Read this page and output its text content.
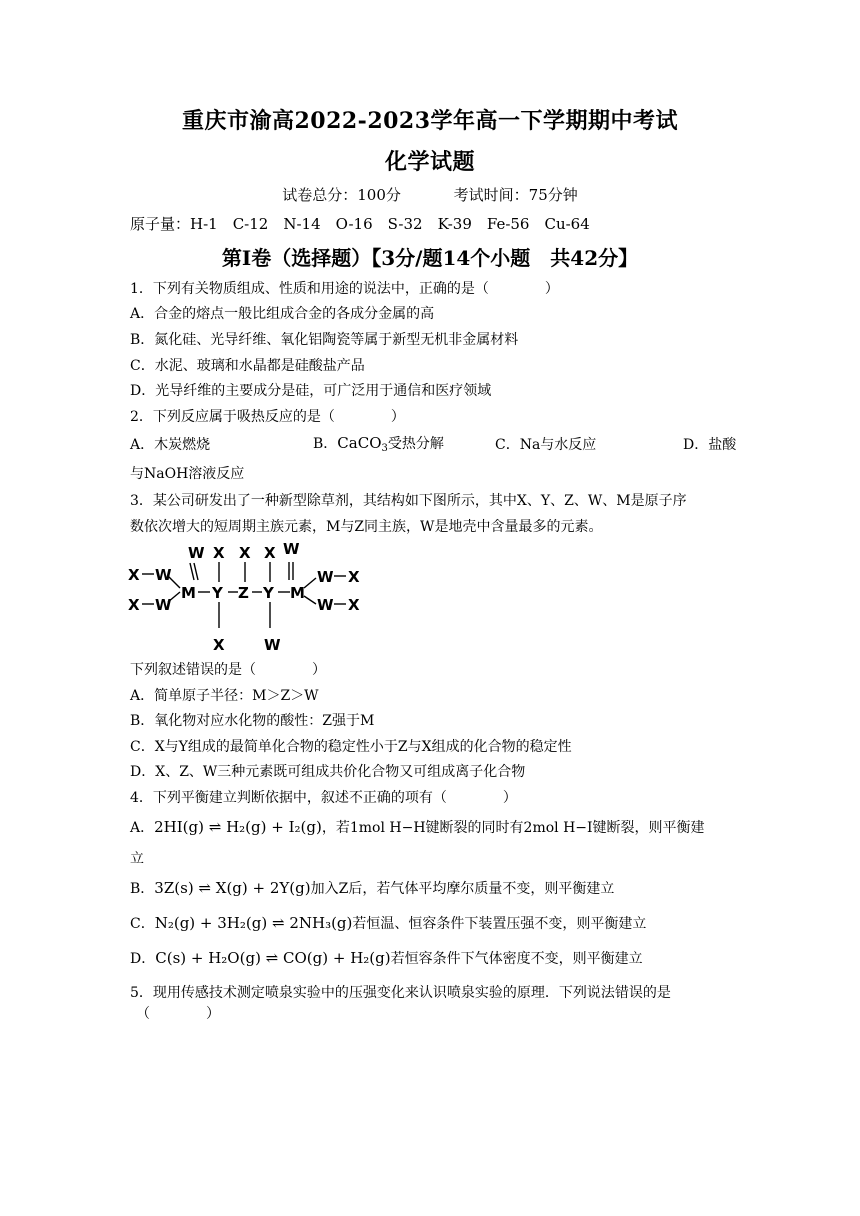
重庆市渝高2022-2023学年高一下学期期中考试
化学试题
试卷总分：100分	考试时间：75分钟
原子量：H-1　C-12　N-14　O-16　S-32　K-39　Fe-56　Cu-64
第Ⅰ卷（选择题）【3分/题14个小题　共42分】
1．下列有关物质组成、性质和用途的说法中，正确的是（　　　　）
A．合金的熔点一般比组成合金的各成分金属的高
B．氮化硅、光导纤维、氧化铝陶瓷等属于新型无机非金属材料
C．水泥、玻璃和水晶都是硅酸盐产品
D．光导纤维的主要成分是硅，可广泛用于通信和医疗领域
2．下列反应属于吸热反应的是（　　　　）
A．木炭燃烧	B．CaCO$_3$受热分解	C．Na与水反应	D．盐酸
与NaOH溶液反应
3．某公司研发出了一种新型除草剂，其结构如下图所示，其中X、Y、Z、W、M是原子序
数依次增大的短周期主族元素，M与Z同主族，W是地壳中含量最多的元素。
X W
X W
M Y Z Y M
W X
W X
W X X X W
X	W
下列叙述错误的是（　　　　）
A．简单原子半径：M＞Z＞W
B．氧化物对应水化物的酸性：Z强于M
C．X与Y组成的最简单化合物的稳定性小于Z与X组成的化合物的稳定性
D．X、Z、W三种元素既可组成共价化合物又可组成离子化合物
4．下列平衡建立判断依据中，叙述不正确的项有（　　　　）
A．2HI(g) ⇌ H₂(g) + I₂(g)，若1mol H−H键断裂的同时有2mol H−I键断裂，则平衡建
立
B．3Z(s) ⇌ X(g) + 2Y(g)加入Z后，若气体平均摩尔质量不变，则平衡建立
C．N₂(g) + 3H₂(g) ⇌ 2NH₃(g)若恒温、恒容条件下装置压强不变，则平衡建立
D．C(s) + H₂O(g) ⇌ CO(g) + H₂(g)若恒容条件下气体密度不变，则平衡建立
5．现用传感技术测定喷泉实验中的压强变化来认识喷泉实验的原理．下列说法错误的是
（　　　　）
